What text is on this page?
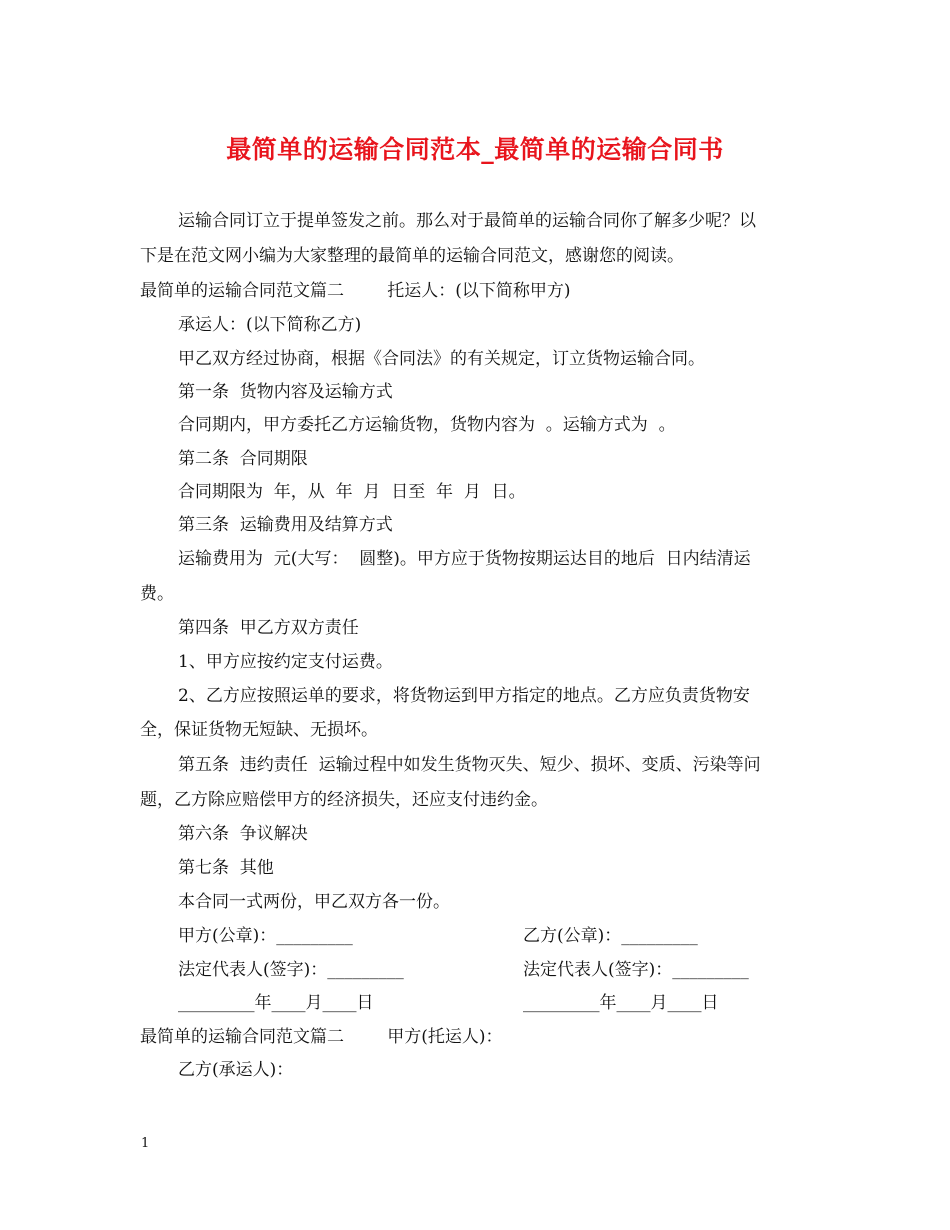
最简单的运输合同范本_最简单的运输合同书
运输合同订立于提单签发之前。那么对于最简单的运输合同你了解多少呢？以
下是在范文网小编为大家整理的最简单的运输合同范文，感谢您的阅读。
最简单的运输合同范文篇二        托运人：(以下简称甲方)
承运人：(以下简称乙方)
甲乙双方经过协商，根据《合同法》的有关规定，订立货物运输合同。
第一条  货物内容及运输方式
合同期内，甲方委托乙方运输货物，货物内容为  。运输方式为  。
第二条  合同期限
合同期限为  年，从  年  月  日至  年  月  日。
第三条  运输费用及结算方式
运输费用为  元(大写：  圆整)。甲方应于货物按期运达目的地后  日内结清运
费。
第四条  甲乙方双方责任
1、甲方应按约定支付运费。
2、乙方应按照运单的要求，将货物运到甲方指定的地点。乙方应负责货物安
全，保证货物无短缺、无损坏。
第五条  违约责任  运输过程中如发生货物灭失、短少、损坏、变质、污染等问
题，乙方除应赔偿甲方的经济损失，还应支付违约金。
第六条  争议解决
第七条  其他
本合同一式两份，甲乙双方各一份。
甲方(公章)：_________	乙方(公章)：_________
法定代表人(签字)：_________	法定代表人(签字)：_________
_________年____月____日	_________年____月____日
最简单的运输合同范文篇二        甲方(托运人)：
乙方(承运人)：
1
